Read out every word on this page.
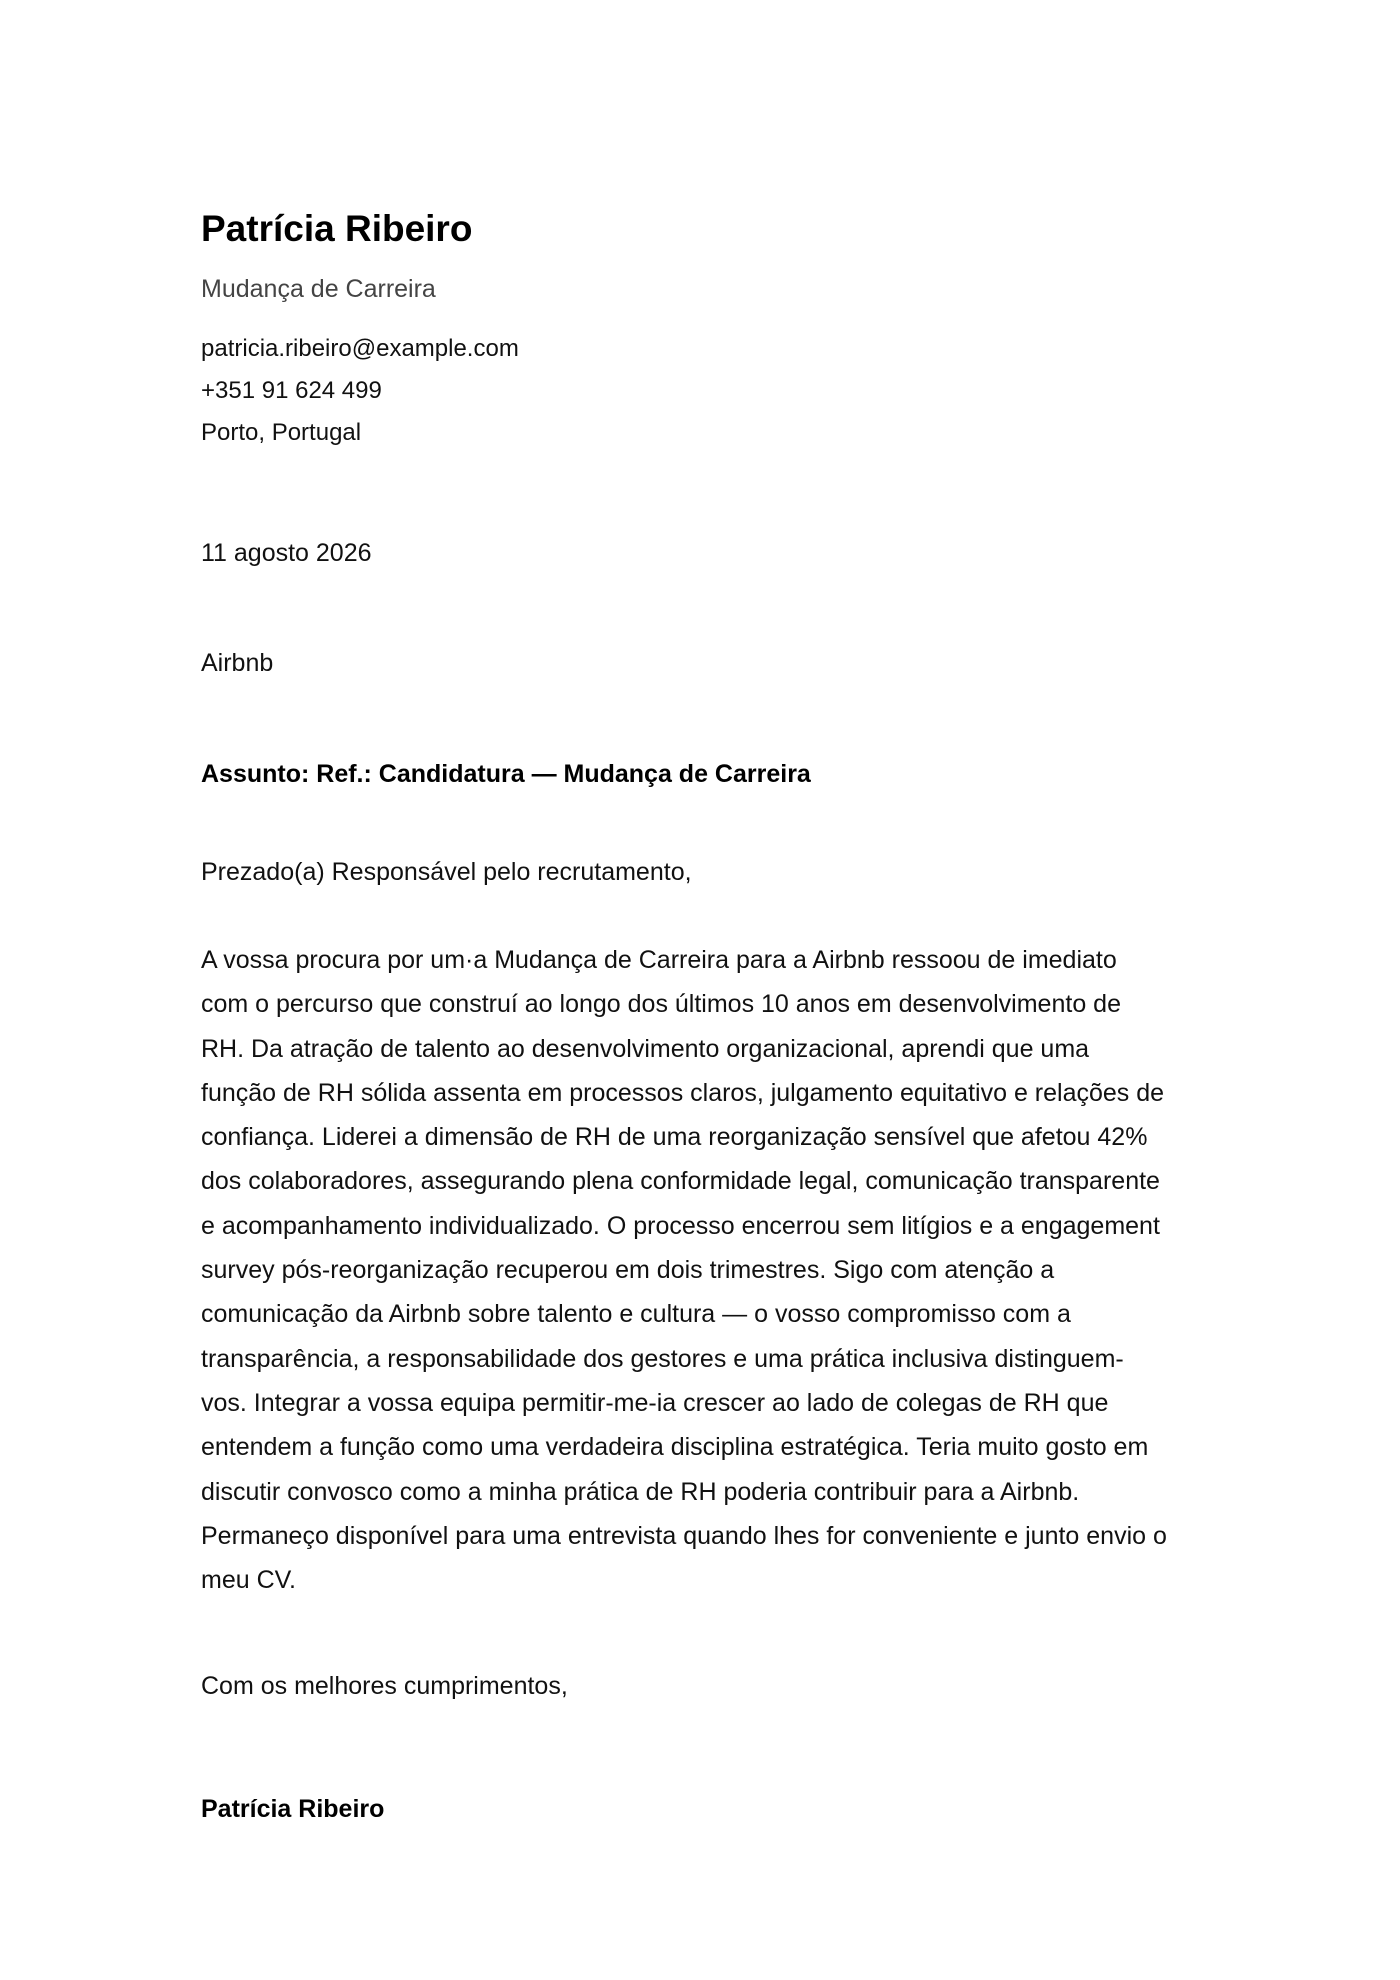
Patrícia Ribeiro
Mudança de Carreira
patricia.ribeiro@example.com
+351 91 624 499
Porto, Portugal
11 agosto 2026
Airbnb
Assunto: Ref.: Candidatura — Mudança de Carreira
Prezado(a) Responsável pelo recrutamento,
A vossa procura por um·a Mudança de Carreira para a Airbnb ressoou de imediato
com o percurso que construí ao longo dos últimos 10 anos em desenvolvimento de
RH. Da atração de talento ao desenvolvimento organizacional, aprendi que uma
função de RH sólida assenta em processos claros, julgamento equitativo e relações de
confiança. Liderei a dimensão de RH de uma reorganização sensível que afetou 42%
dos colaboradores, assegurando plena conformidade legal, comunicação transparente
e acompanhamento individualizado. O processo encerrou sem litígios e a engagement
survey pós-reorganização recuperou em dois trimestres. Sigo com atenção a
comunicação da Airbnb sobre talento e cultura — o vosso compromisso com a
transparência, a responsabilidade dos gestores e uma prática inclusiva distinguem-
vos. Integrar a vossa equipa permitir-me-ia crescer ao lado de colegas de RH que
entendem a função como uma verdadeira disciplina estratégica. Teria muito gosto em
discutir convosco como a minha prática de RH poderia contribuir para a Airbnb.
Permaneço disponível para uma entrevista quando lhes for conveniente e junto envio o
meu CV.
Com os melhores cumprimentos,
Patrícia Ribeiro
